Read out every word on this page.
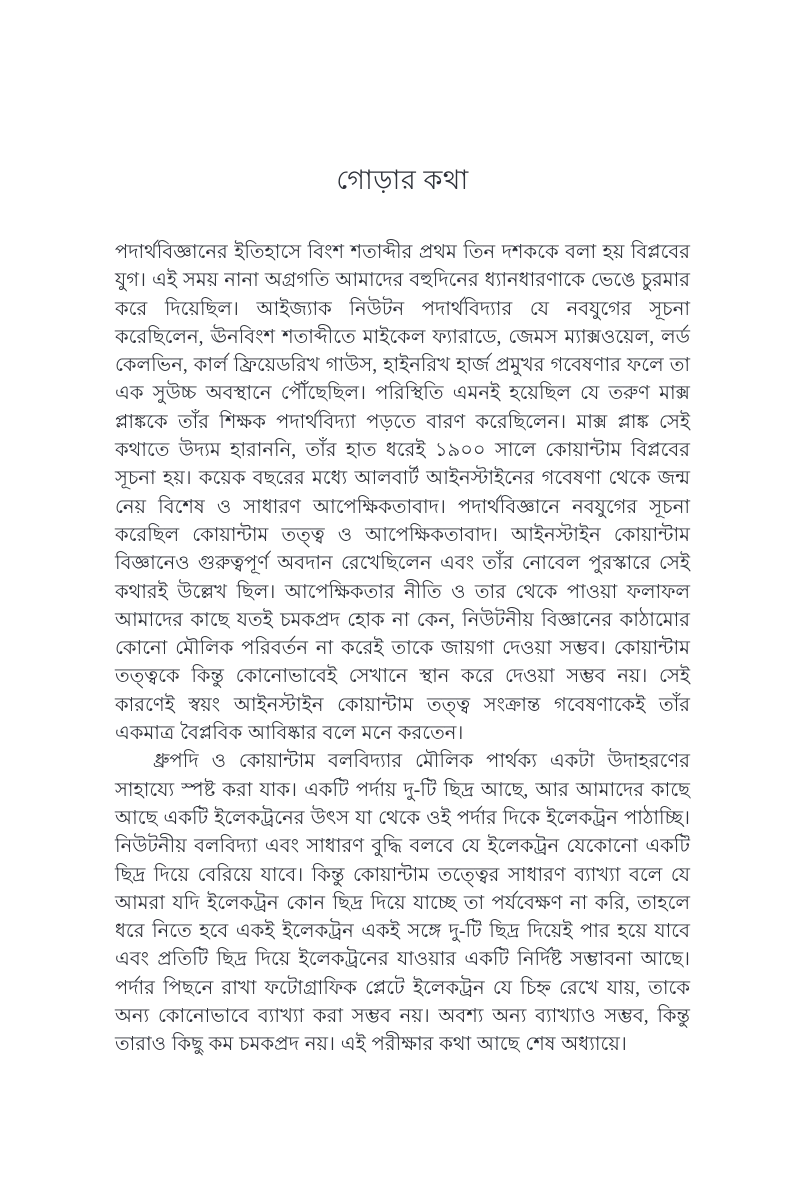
গোড়ার কথা

পদার্থবিজ্ঞানের ইতিহাসে বিংশ শতাব্দীর প্রথম তিন দশককে বলা হয় বিপ্লবের যুগ। এই সময় নানা অগ্রগতি আমাদের বহুদিনের ধ্যানধারণাকে ভেঙে চুরমার করে দিয়েছিল। আইজ্যাক নিউটন পদার্থবিদ্যার যে নবযুগের সূচনা করেছিলেন, ঊনবিংশ শতাব্দীতে মাইকেল ফ্যারাডে, জেমস ম্যাক্সওয়েল, লর্ড কেলভিন, কার্ল ফ্রিয়েডরিখ গাউস, হাইনরিখ হার্জ প্রমুখর গবেষণার ফলে তা এক সুউচ্চ অবস্থানে পৌঁছেছিল। পরিস্থিতি এমনই হয়েছিল যে তরুণ মাক্স প্লাঙ্ককে তাঁর শিক্ষক পদার্থবিদ্যা পড়তে বারণ করেছিলেন। মাক্স প্লাঙ্ক সেই কথাতে উদ্যম হারাননি, তাঁর হাত ধরেই ১৯০০ সালে কোয়ান্টাম বিপ্লবের সূচনা হয়। কয়েক বছরের মধ্যে আলবার্ট আইনস্টাইনের গবেষণা থেকে জন্ম নেয় বিশেষ ও সাধারণ আপেক্ষিকতাবাদ। পদার্থবিজ্ঞানে নবযুগের সূচনা করেছিল কোয়ান্টাম তত্ত্ব ও আপেক্ষিকতাবাদ। আইনস্টাইন কোয়ান্টাম বিজ্ঞানেও গুরুত্বপূর্ণ অবদান রেখেছিলেন এবং তাঁর নোবেল পুরস্কারে সেই কথারই উল্লেখ ছিল। আপেক্ষিকতার নীতি ও তার থেকে পাওয়া ফলাফল আমাদের কাছে যতই চমকপ্রদ হোক না কেন, নিউটনীয় বিজ্ঞানের কাঠামোর কোনো মৌলিক পরিবর্তন না করেই তাকে জায়গা দেওয়া সম্ভব। কোয়ান্টাম তত্ত্বকে কিন্তু কোনোভাবেই সেখানে স্থান করে দেওয়া সম্ভব নয়। সেই কারণেই স্বয়ং আইনস্টাইন কোয়ান্টাম তত্ত্ব সংক্রান্ত গবেষণাকেই তাঁর একমাত্র বৈপ্লবিক আবিষ্কার বলে মনে করতেন।

ধ্রুপদি ও কোয়ান্টাম বলবিদ্যার মৌলিক পার্থক্য একটা উদাহরণের সাহায্যে স্পষ্ট করা যাক। একটি পর্দায় দু-টি ছিদ্র আছে, আর আমাদের কাছে আছে একটি ইলেকট্রনের উৎস যা থেকে ওই পর্দার দিকে ইলেকট্রন পাঠাচ্ছি। নিউটনীয় বলবিদ্যা এবং সাধারণ বুদ্ধি বলবে যে ইলেকট্রন যেকোনো একটি ছিদ্র দিয়ে বেরিয়ে যাবে। কিন্তু কোয়ান্টাম তত্ত্বের সাধারণ ব্যাখ্যা বলে যে আমরা যদি ইলেকট্রন কোন ছিদ্র দিয়ে যাচ্ছে তা পর্যবেক্ষণ না করি, তাহলে ধরে নিতে হবে একই ইলেকট্রন একই সঙ্গে দু-টি ছিদ্র দিয়েই পার হয়ে যাবে এবং প্রতিটি ছিদ্র দিয়ে ইলেকট্রনের যাওয়ার একটি নির্দিষ্ট সম্ভাবনা আছে। পর্দার পিছনে রাখা ফটোগ্রাফিক প্লেটে ইলেকট্রন যে চিহ্ন রেখে যায়, তাকে অন্য কোনোভাবে ব্যাখ্যা করা সম্ভব নয়। অবশ্য অন্য ব্যাখ্যাও সম্ভব, কিন্তু তারাও কিছু কম চমকপ্রদ নয়। এই পরীক্ষার কথা আছে শেষ অধ্যায়ে।
